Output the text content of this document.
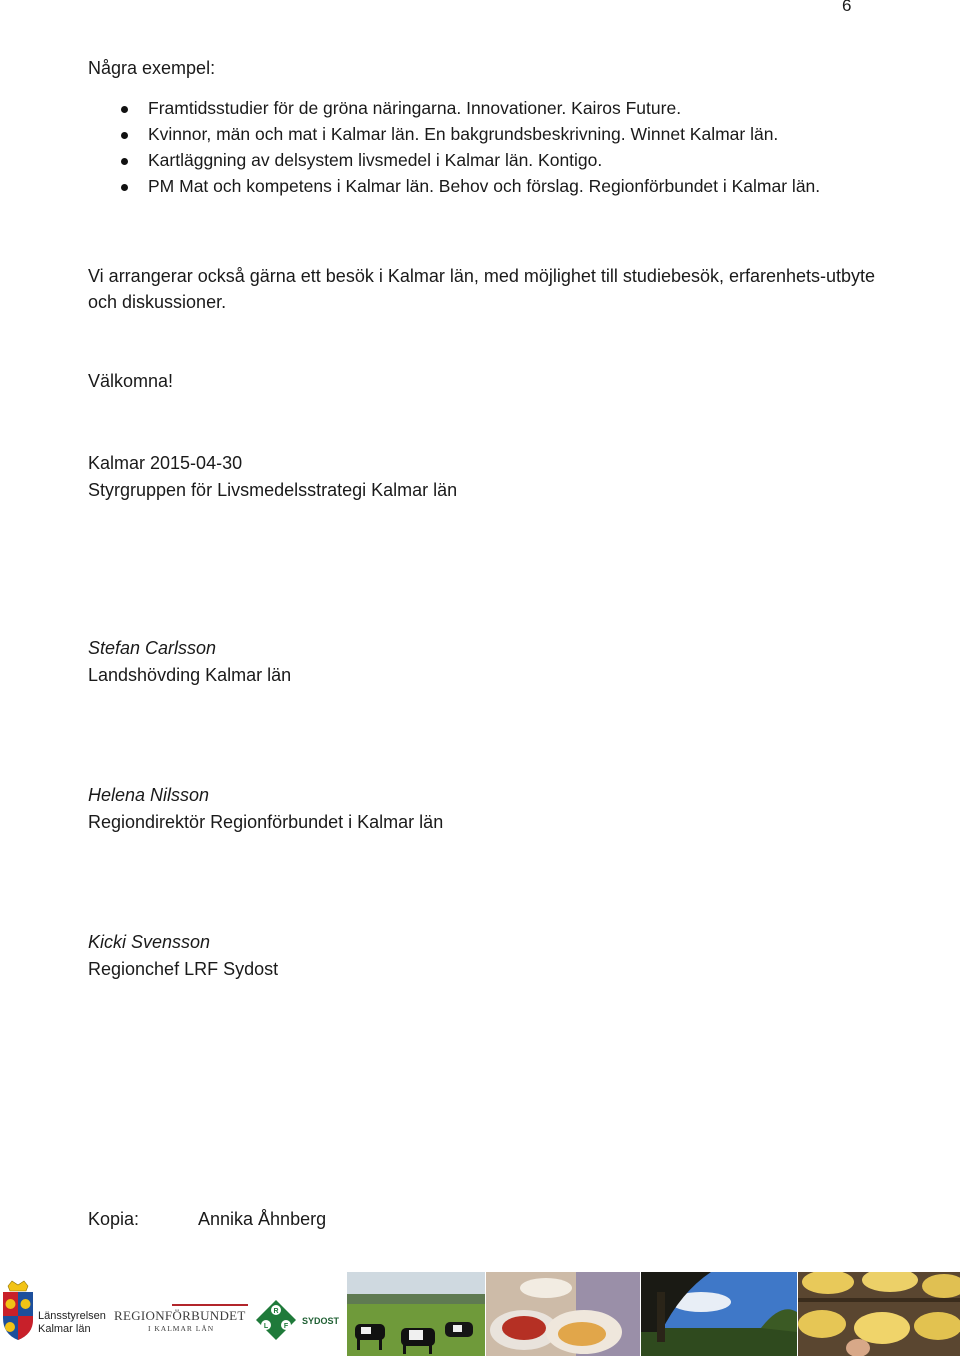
6
Några exempel:
Framtidsstudier för de gröna näringarna. Innovationer. Kairos Future.
Kvinnor, män och mat i Kalmar län. En bakgrundsbeskrivning. Winnet Kalmar län.
Kartläggning av delsystem livsmedel i Kalmar län. Kontigo.
PM Mat och kompetens i Kalmar län. Behov och förslag. Regionförbundet i Kalmar län.
Vi arrangerar också gärna ett besök i Kalmar län, med möjlighet till studiebesök, erfarenhets-utbyte och diskussioner.
Välkomna!
Kalmar 2015-04-30
Styrgruppen för Livsmedelsstrategi Kalmar län
Stefan Carlsson
Landshövding Kalmar län
Helena Nilsson
Regiondirektör Regionförbundet i Kalmar län
Kicki Svensson
Regionchef LRF Sydost
Kopia:	Annika Åhnberg
Länsstyrelsen
Kalmar län
REGIONFÖRBUNDET
I KALMAR LÄN
R
L F
SYDOST
